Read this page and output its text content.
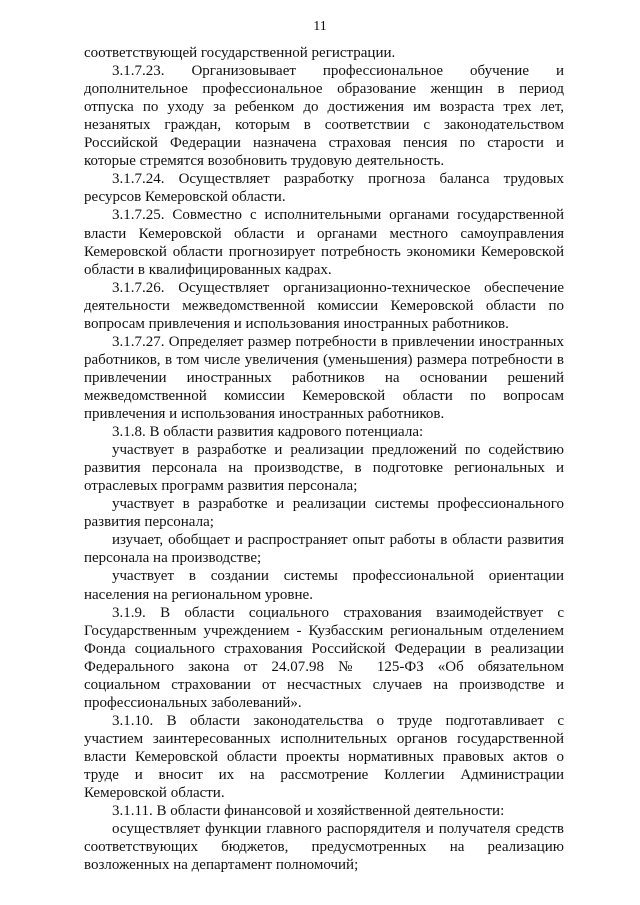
11
соответствующей государственной регистрации.
3.1.7.23. Организовывает профессиональное обучение и
дополнительное профессиональное образование женщин в период
отпуска по уходу за ребенком до достижения им возраста трех лет,
незанятых граждан, которым в соответствии с законодательством
Российской Федерации назначена страховая пенсия по старости и
которые стремятся возобновить трудовую деятельность.
3.1.7.24. Осуществляет разработку прогноза баланса трудовых
ресурсов Кемеровской области.
3.1.7.25. Совместно с исполнительными органами государственной
власти Кемеровской области и органами местного самоуправления
Кемеровской области прогнозирует потребность экономики Кемеровской
области в квалифицированных кадрах.
3.1.7.26. Осуществляет организационно-техническое обеспечение
деятельности межведомственной комиссии Кемеровской области по
вопросам привлечения и использования иностранных работников.
3.1.7.27. Определяет размер потребности в привлечении иностранных
работников, в том числе увеличения (уменьшения) размера потребности в
привлечении иностранных работников на основании решений
межведомственной комиссии Кемеровской области по вопросам
привлечения и использования иностранных работников.
3.1.8. В области развития кадрового потенциала:
участвует в разработке и реализации предложений по содействию
развития персонала на производстве, в подготовке региональных и
отраслевых программ развития персонала;
участвует в разработке и реализации системы профессионального
развития персонала;
изучает, обобщает и распространяет опыт работы в области развития
персонала на производстве;
участвует в создании системы профессиональной ориентации
населения на региональном уровне.
3.1.9. В области социального страхования взаимодействует с
Государственным учреждением - Кузбасским региональным отделением
Фонда социального страхования Российской Федерации в реализации
Федерального закона от 24.07.98 № 125-ФЗ «Об обязательном
социальном страховании от несчастных случаев на производстве и
профессиональных заболеваний».
3.1.10. В области законодательства о труде подготавливает с
участием заинтересованных исполнительных органов государственной
власти Кемеровской области проекты нормативных правовых актов о
труде и вносит их на рассмотрение Коллегии Администрации
Кемеровской области.
3.1.11. В области финансовой и хозяйственной деятельности:
осуществляет функции главного распорядителя и получателя средств
соответствующих бюджетов, предусмотренных на реализацию
возложенных на департамент полномочий;
